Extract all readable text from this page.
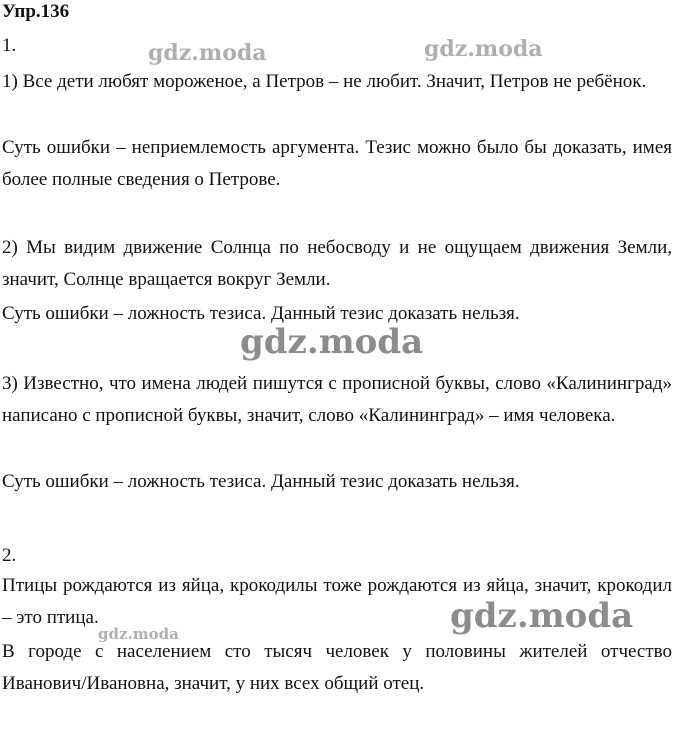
Упр.136
1.
1) Все дети любят мороженое, а Петров – не любит. Значит, Петров не ребёнок.
Суть ошибки – неприемлемость аргумента. Тезис можно было бы доказать, имея более полные сведения о Петрове.
2) Мы видим движение Солнца по небосводу и не ощущаем движения Земли, значит, Солнце вращается вокруг Земли.
Суть ошибки – ложность тезиса. Данный тезис доказать нельзя.
3) Известно, что имена людей пишутся с прописной буквы, слово «Калининград» написано с прописной буквы, значит, слово «Калининград» – имя человека.
Суть ошибки – ложность тезиса. Данный тезис доказать нельзя.
2.
Птицы рождаются из яйца, крокодилы тоже рождаются из яйца, значит, крокодил – это птица.
В городе с населением сто тысяч человек у половины жителей отчество Иванович/Ивановна, значит, у них всех общий отец.
gdz.moda	gdz.moda
gdz.moda
gdz.moda
gdz.moda
